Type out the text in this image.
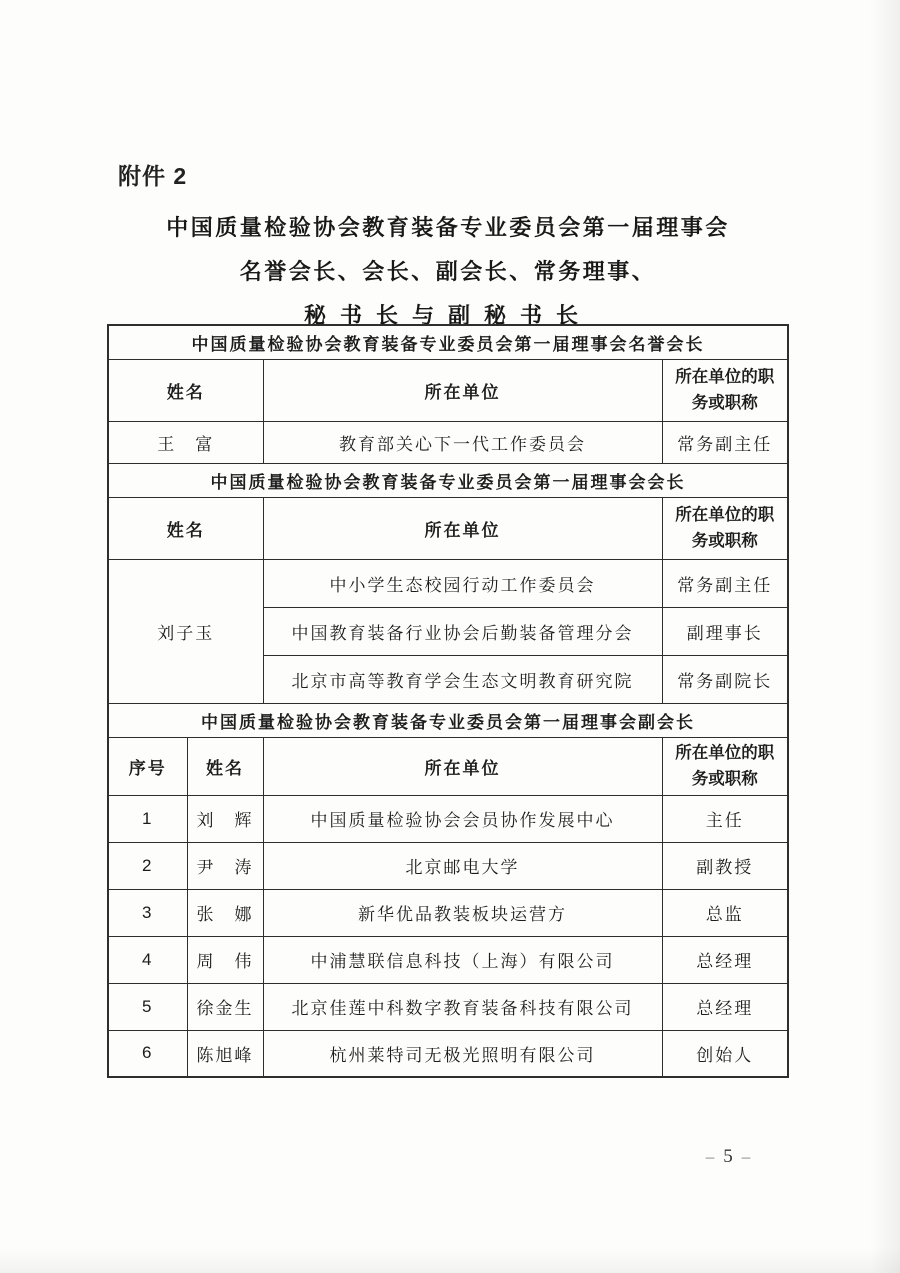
附件 2
中国质量检验协会教育装备专业委员会第一届理事会
名誉会长、会长、副会长、常务理事、
秘书长与副秘书长
中国质量检验协会教育装备专业委员会第一届理事会名誉会长			
姓名		所在单位	所在单位的职务或职称
王　富		教育部关心下一代工作委员会	常务副主任
中国质量检验协会教育装备专业委员会第一届理事会会长			
姓名		所在单位	所在单位的职务或职称
刘子玉		中小学生态校园行动工作委员会	常务副主任
		中国教育装备行业协会后勤装备管理分会	副理事长
		北京市高等教育学会生态文明教育研究院	常务副院长
中国质量检验协会教育装备专业委员会第一届理事会副会长			
序号	姓名	所在单位	所在单位的职务或职称
1	刘　辉	中国质量检验协会会员协作发展中心	主任
2	尹　涛	北京邮电大学	副教授
3	张　娜	新华优品教装板块运营方	总监
4	周　伟	中浦慧联信息科技（上海）有限公司	总经理
5	徐金生	北京佳莲中科数字教育装备科技有限公司	总经理
6	陈旭峰	杭州莱特司无极光照明有限公司	创始人
– 5 –
